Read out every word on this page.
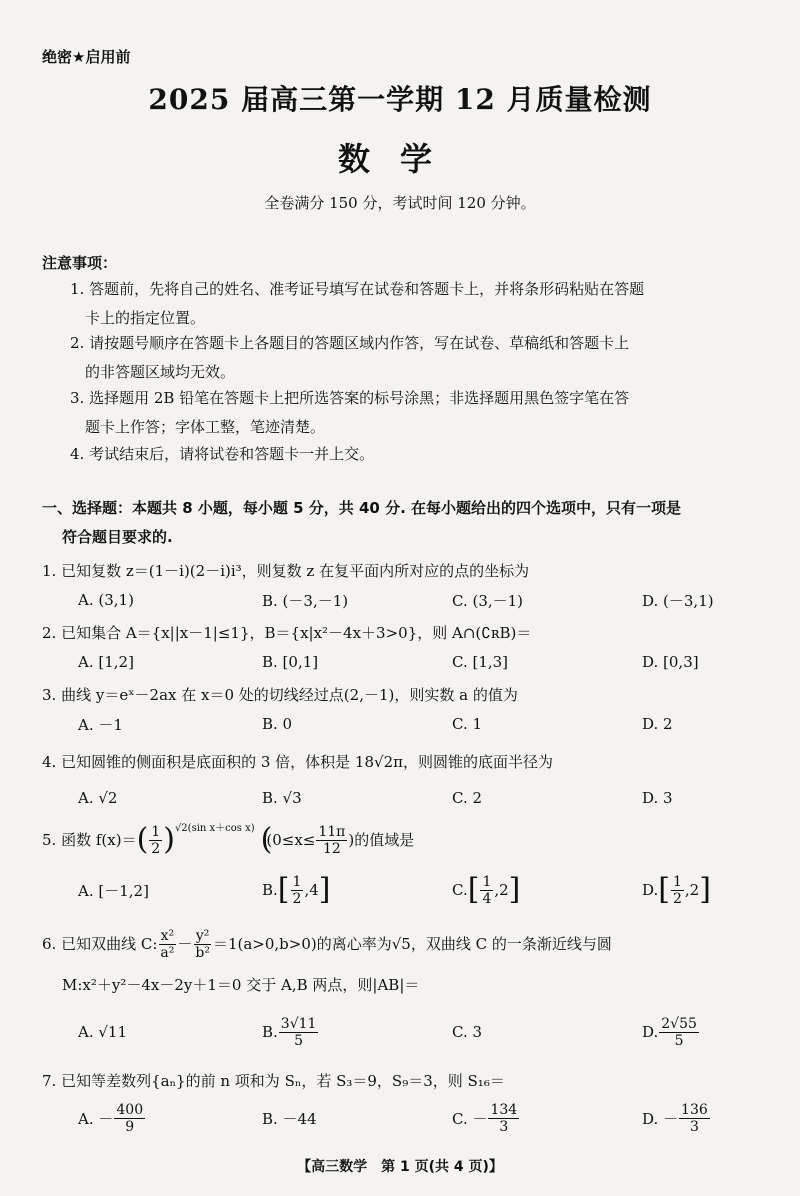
绝密★启用前
2025 届高三第一学期 12 月质量检测
数学
全卷满分 150 分，考试时间 120 分钟。
注意事项：
1. 答题前，先将自己的姓名、准考证号填写在试卷和答题卡上，并将条形码粘贴在答题
卡上的指定位置。
2. 请按题号顺序在答题卡上各题目的答题区域内作答，写在试卷、草稿纸和答题卡上
的非答题区域均无效。
3. 选择题用 2B 铅笔在答题卡上把所选答案的标号涂黑；非选择题用黑色签字笔在答
题卡上作答；字体工整，笔迹清楚。
4. 考试结束后，请将试卷和答题卡一并上交。
一、选择题：本题共 8 小题，每小题 5 分，共 40 分. 在每小题给出的四个选项中，只有一项是
符合题目要求的.
1. 已知复数 z＝(1－i)(2－i)i³，则复数 z 在复平面内所对应的点的坐标为
A. (3,1)	B. (－3,－1)	C. (3,－1)	D. (－3,1)
2. 已知集合 A＝{x||x－1|≤1}，B＝{x|x²－4x＋3>0}，则 A∩(∁ʀB)＝
A. [1,2]	B. [0,1]	C. [1,3]	D. [0,3]
3. 曲线 y＝eˣ－2ax 在 x＝0 处的切线经过点(2,－1)，则实数 a 的值为
A. －1	B. 0	C. 1	D. 2
4. 已知圆锥的侧面积是底面积的 3 倍，体积是 18√2π，则圆锥的底面半径为
A. √2	B. √3	C. 2	D. 3
5. 函数 f(x)＝ ( $\frac{1}{2}$ ) √2(sin x＋cos x) (
($0\le x\le \frac{11\pi}{12}$ )的值域是
A. [－1,2]	B. [ $\frac{1}{2} ,4$ ]	C. [ $\frac{1}{4} ,2$ ]	D. [ $\frac{1}{2} ,2$ ]
6. 已知双曲线 C: $\frac{\text{x²}}{\text{a²}} - \frac{\text{y²}}{\text{b²}} =1(a>0,b>0)$的离心率为√5，双曲线 C 的一条渐近线与圆
M:x²＋y²－4x－2y＋1＝0 交于 A,B 两点，则|AB|＝
A. √11	B. $\frac{3√11}{5}$	C. 3	D. $\frac{2√55}{5}$
7. 已知等差数列{aₙ}的前 n 项和为 Sₙ，若 S₃＝9，S₉＝3，则 S₁₆＝
A. － $\frac{400}{9}$	B. －44	C. － $\frac{134}{3}$	D. － $\frac{136}{3}$
【高三数学　第 1 页(共 4 页)】
